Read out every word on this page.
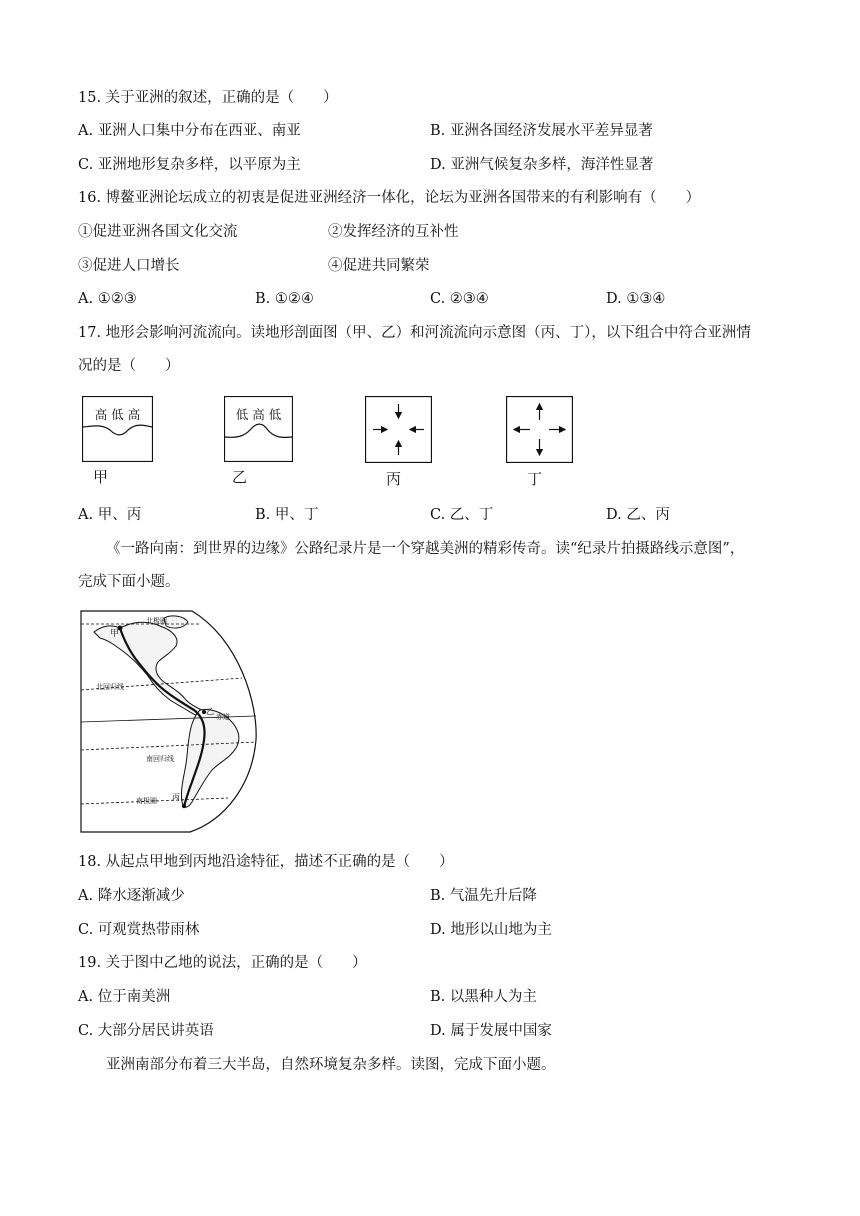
15. 关于亚洲的叙述，正确的是（　　）
A. 亚洲人口集中分布在西亚、南亚	B. 亚洲各国经济发展水平差异显著
C. 亚洲地形复杂多样，以平原为主	D. 亚洲气候复杂多样，海洋性显著
16. 博鳌亚洲论坛成立的初衷是促进亚洲经济一体化，论坛为亚洲各国带来的有利影响有（　　）
①促进亚洲各国文化交流	②发挥经济的互补性
③促进人口增长	④促进共同繁荣
A. ①②③	B. ①②④	C. ②③④	D. ①③④
17. 地形会影响河流流向。读地形剖面图（甲、乙）和河流流向示意图（丙、丁），以下组合中符合亚洲情
况的是（　　）
高 低 高
甲
低 高 低
乙	丙	丁
A. 甲、丙	B. 甲、丁	C. 乙、丁	D. 乙、丙
《一路向南：到世界的边缘》公路纪录片是一个穿越美洲的精彩传奇。读“纪录片拍摄路线示意图”，
完成下面小题。
甲
北极圈
北回归线
乙
赤道
南回归线
南极圈 丙
18. 从起点甲地到丙地沿途特征，描述不正确的是（　　）
A. 降水逐渐减少	B. 气温先升后降
C. 可观赏热带雨林	D. 地形以山地为主
19. 关于图中乙地的说法，正确的是（　　）
A. 位于南美洲	B. 以黑种人为主
C. 大部分居民讲英语	D. 属于发展中国家
亚洲南部分布着三大半岛，自然环境复杂多样。读图，完成下面小题。
